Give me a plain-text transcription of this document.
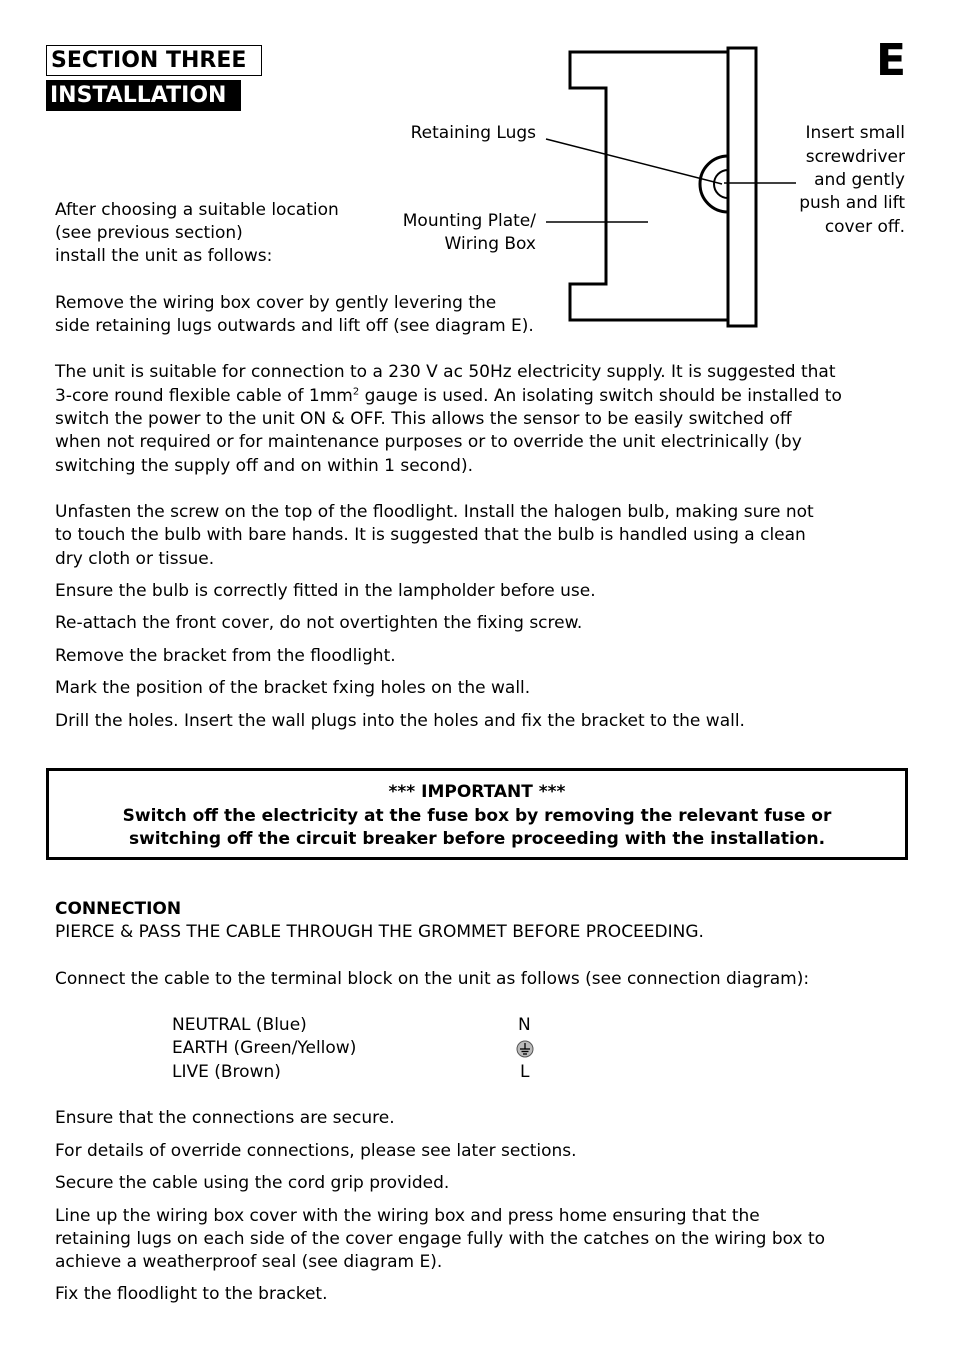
SECTION THREE
INSTALLATION
E
Retaining Lugs
Mounting Plate/
Wiring Box
Insert small
screwdriver
and gently
push and lift
cover off.
After choosing a suitable location
(see previous section)
install the unit as follows:
Remove the wiring box cover by gently levering the
side retaining lugs outwards and lift off (see diagram E).
The unit is suitable for connection to a 230 V ac 50Hz electricity supply. It is suggested that
3-core round flexible cable of $1mm^2$ gauge is used. An isolating switch should be installed to
switch the power to the unit ON & OFF. This allows the sensor to be easily switched off
when not required or for maintenance purposes or to override the unit electrinically (by
switching the supply off and on within 1 second).
Unfasten the screw on the top of the floodlight. Install the halogen bulb, making sure not
to touch the bulb with bare hands. It is suggested that the bulb is handled using a clean
dry cloth or tissue.
Ensure the bulb is correctly fitted in the lampholder before use.
Re-attach the front cover, do not overtighten the fixing screw.
Remove the bracket from the floodlight.
Mark the position of the bracket fxing holes on the wall.
Drill the holes. Insert the wall plugs into the holes and fix the bracket to the wall.
*** IMPORTANT ***
Switch off the electricity at the fuse box by removing the relevant fuse or
switching off the circuit breaker before proceeding with the installation.
CONNECTION
PIERCE & PASS THE CABLE THROUGH THE GROMMET BEFORE PROCEEDING.
Connect the cable to the terminal block on the unit as follows (see connection diagram):
NEUTRAL (Blue)	N
EARTH (Green/Yellow)
LIVE (Brown)	L
Ensure that the connections are secure.
For details of override connections, please see later sections.
Secure the cable using the cord grip provided.
Line up the wiring box cover with the wiring box and press home ensuring that the
retaining lugs on each side of the cover engage fully with the catches on the wiring box to
achieve a weatherproof seal (see diagram E).
Fix the floodlight to the bracket.
